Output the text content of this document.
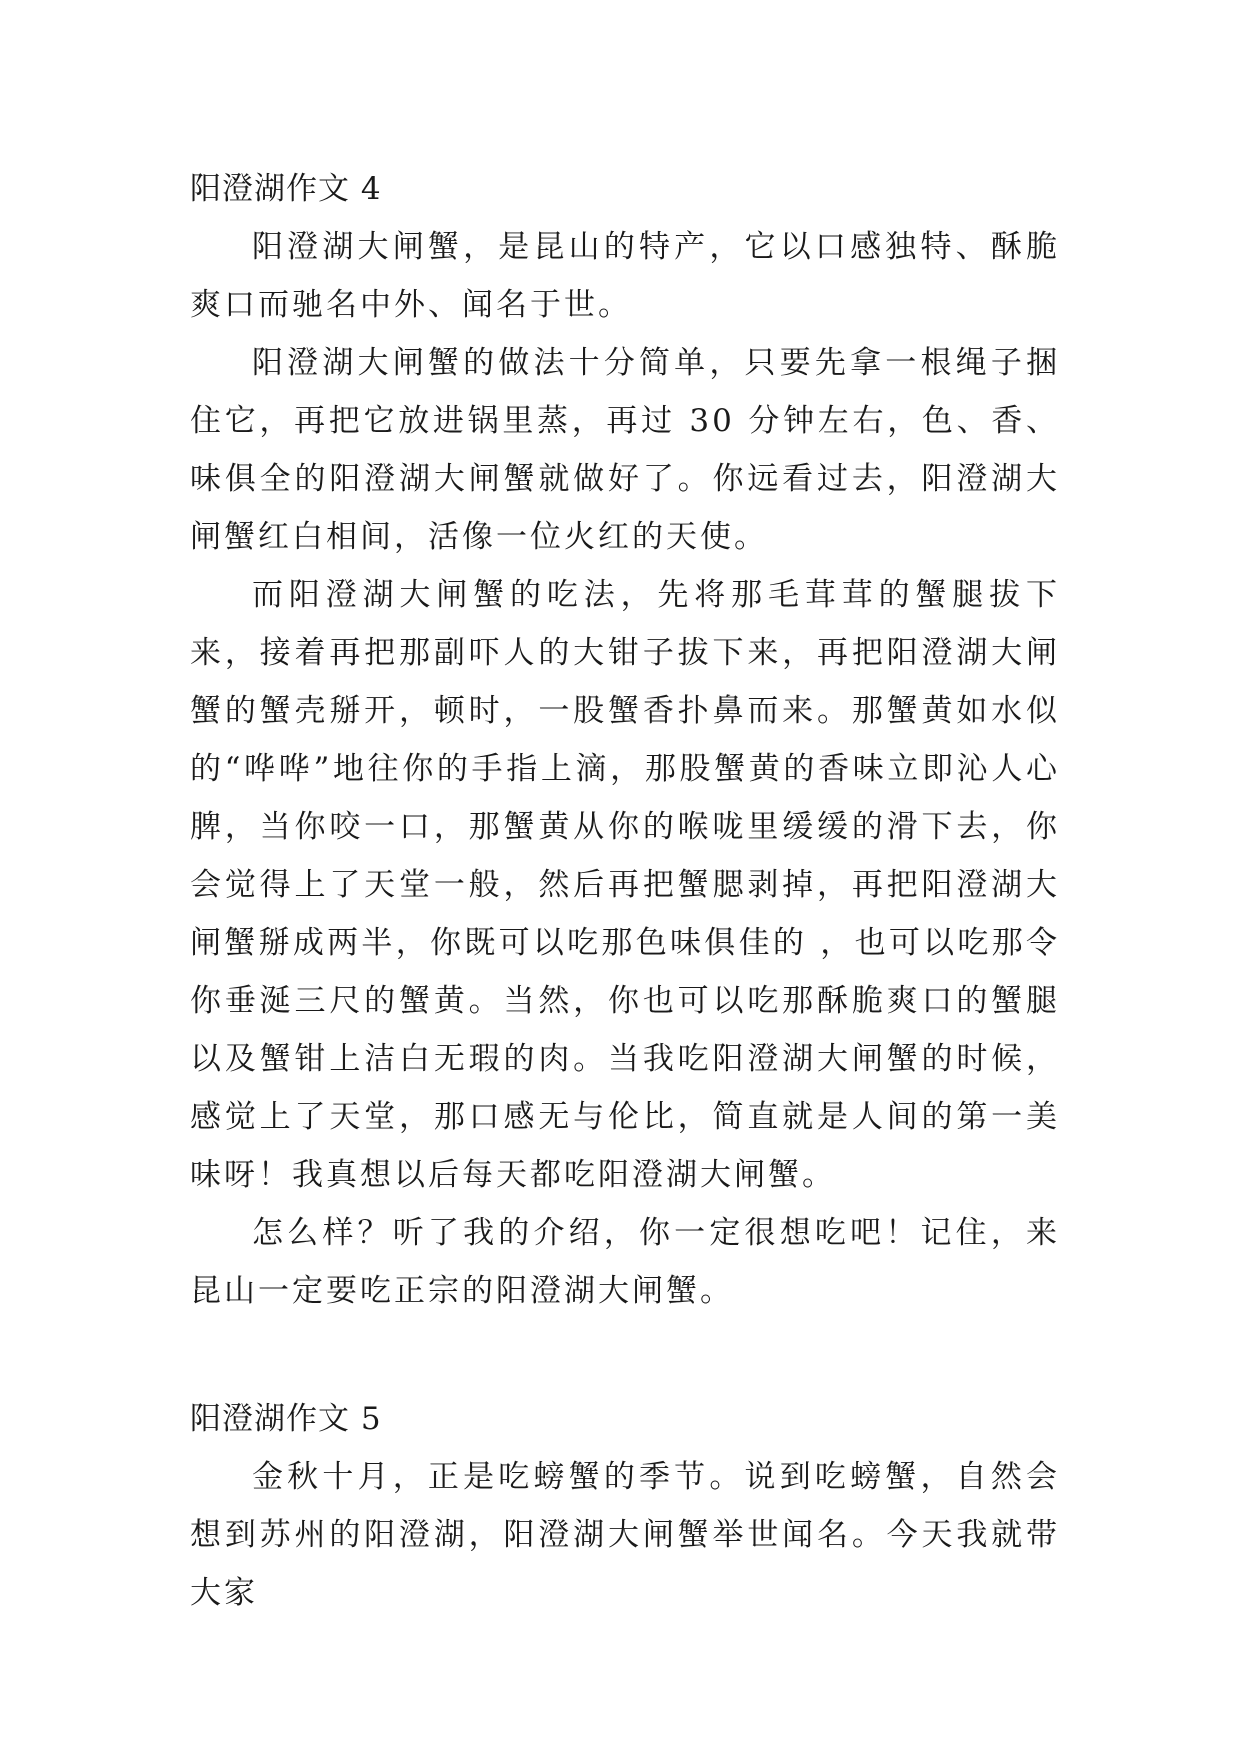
阳澄湖作文 4

阳澄湖大闸蟹，是昆山的特产，它以口感独特、酥脆爽口而驰名中外、闻名于世。

阳澄湖大闸蟹的做法十分简单，只要先拿一根绳子捆住它，再把它放进锅里蒸，再过 30 分钟左右，色、香、味俱全的阳澄湖大闸蟹就做好了。你远看过去，阳澄湖大闸蟹红白相间，活像一位火红的天使。

而阳澄湖大闸蟹的吃法，先将那毛茸茸的蟹腿拔下来，接着再把那副吓人的大钳子拔下来，再把阳澄湖大闸蟹的蟹壳掰开，顿时，一股蟹香扑鼻而来。那蟹黄如水似的“哗哗”地往你的手指上滴，那股蟹黄的香味立即沁人心脾，当你咬一口，那蟹黄从你的喉咙里缓缓的滑下去，你会觉得上了天堂一般，然后再把蟹腮剥掉，再把阳澄湖大闸蟹掰成两半，你既可以吃那色味俱佳的 ，也可以吃那令你垂涎三尺的蟹黄。当然，你也可以吃那酥脆爽口的蟹腿以及蟹钳上洁白无瑕的肉。当我吃阳澄湖大闸蟹的时候，感觉上了天堂，那口感无与伦比，简直就是人间的第一美味呀！我真想以后每天都吃阳澄湖大闸蟹。

怎么样？听了我的介绍，你一定很想吃吧！记住，来昆山一定要吃正宗的阳澄湖大闸蟹。

阳澄湖作文 5

金秋十月，正是吃螃蟹的季节。说到吃螃蟹，自然会想到苏州的阳澄湖，阳澄湖大闸蟹举世闻名。今天我就带大家
